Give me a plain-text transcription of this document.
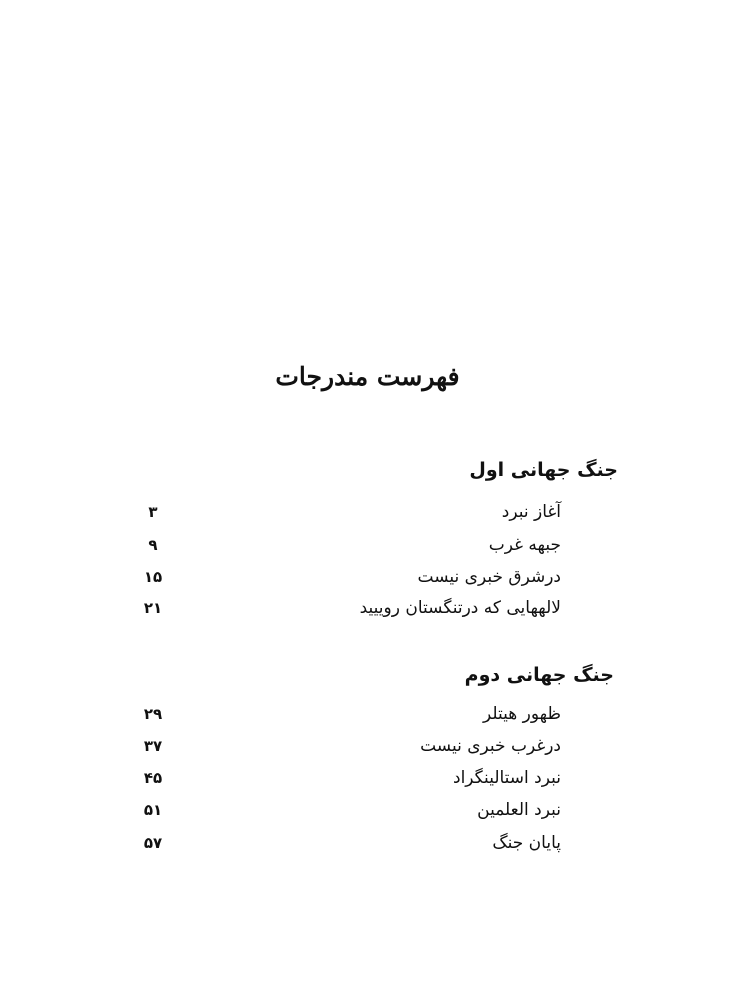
فهرست مندرجات
جنگ جهانی اول
آغاز نبرد
۳
جبهه غرب
۹
درشرق خبری نیست
۱۵
لالههایی که درتنگستان روییید
۲۱
جنگ جهانی دوم
ظهور هیتلر
۲۹
درغرب خبری نیست
۳۷
نبرد استالینگراد
۴۵
نبرد العلمین
۵۱
پایان جنگ
۵۷
